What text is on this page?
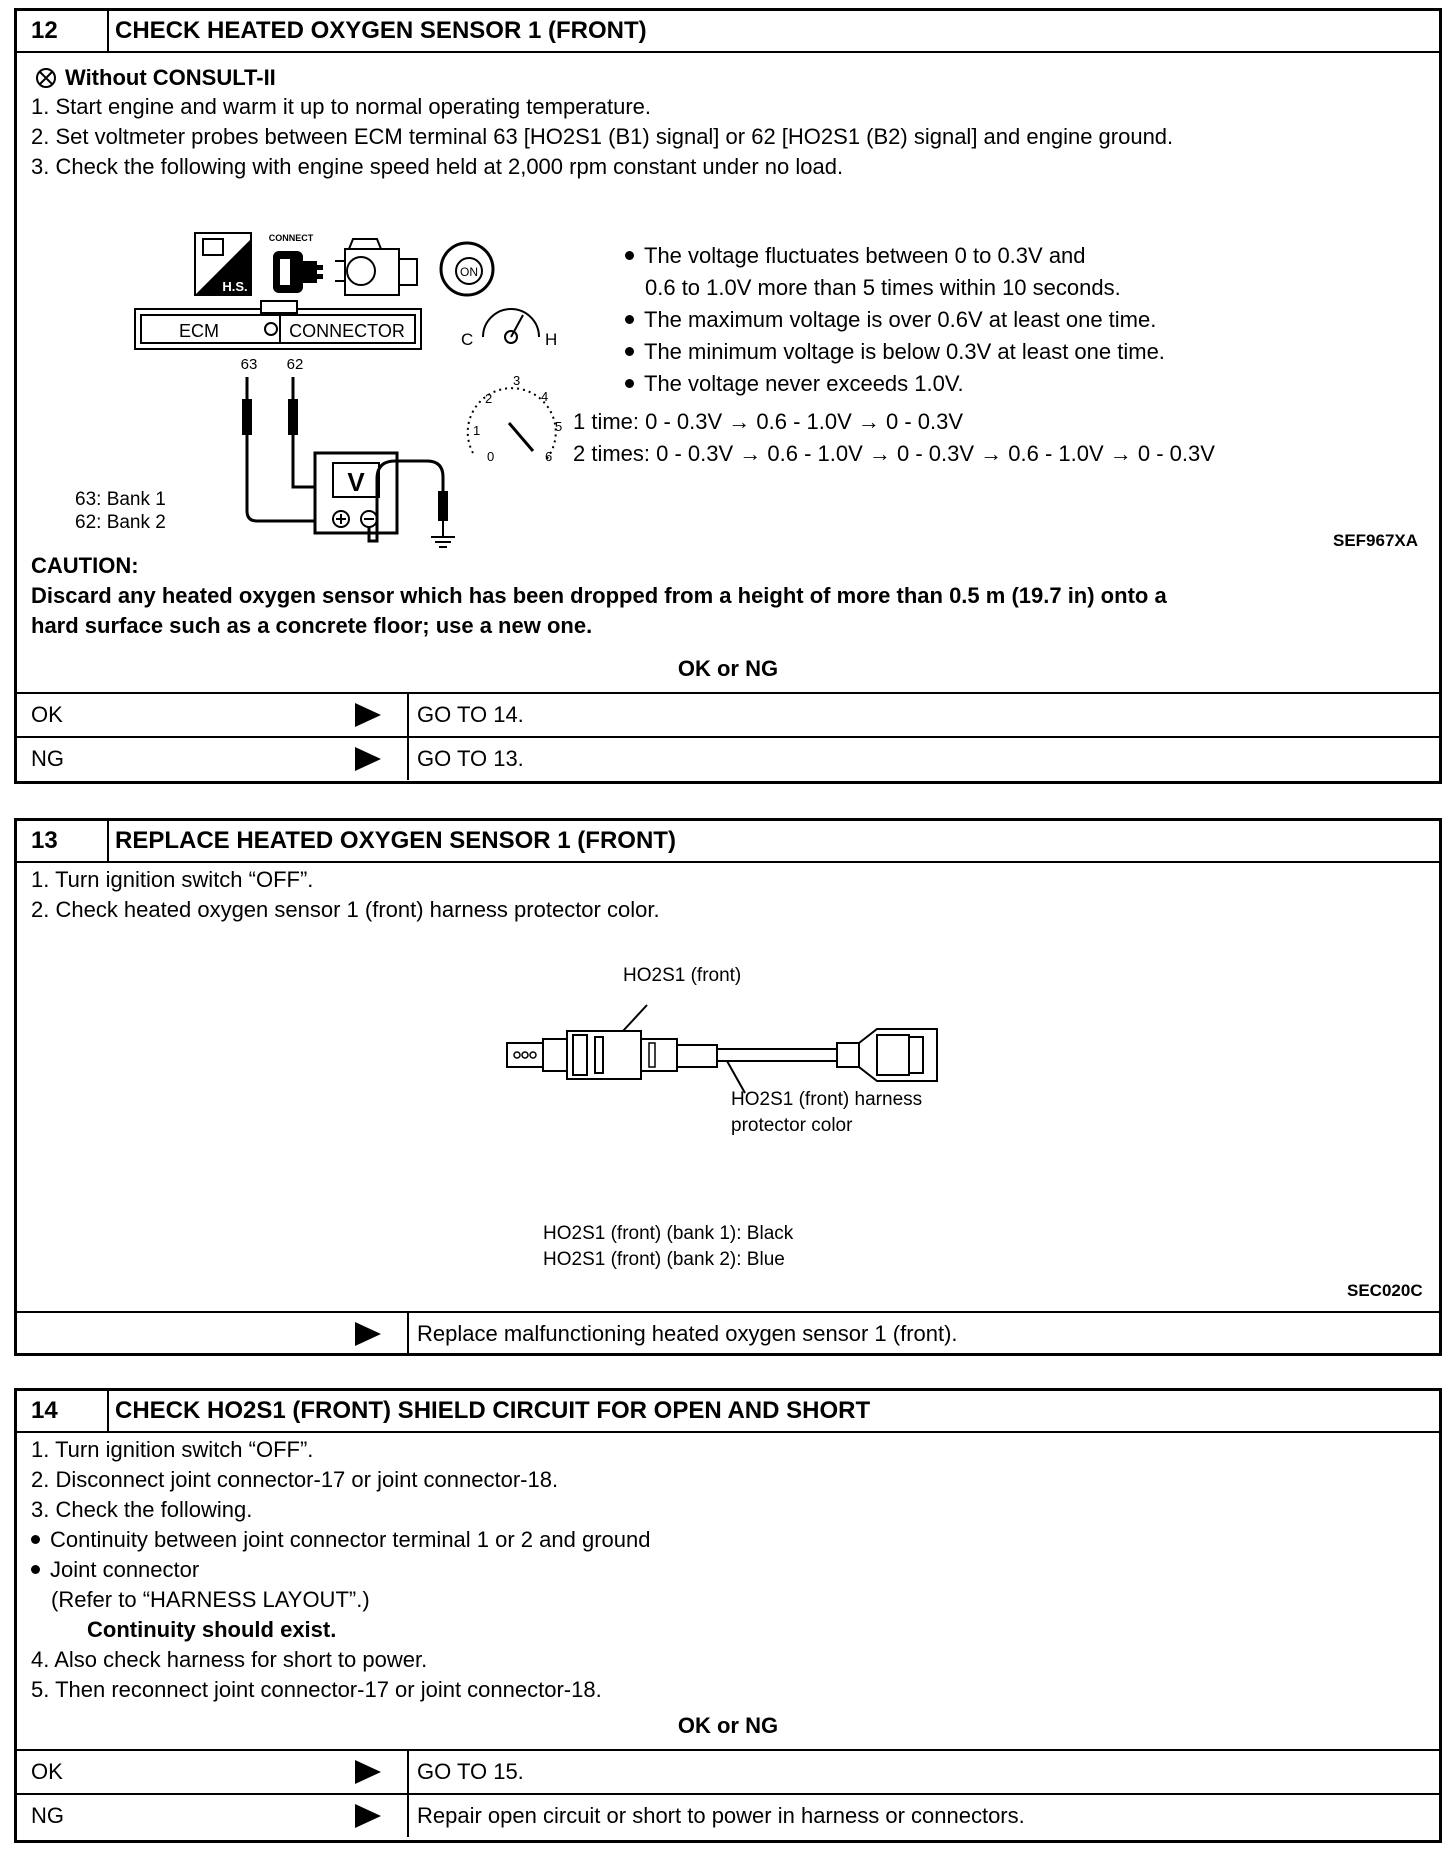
12	CHECK HEATED OXYGEN SENSOR 1 (FRONT)
Without CONSULT-II
1. Start engine and warm it up to normal operating temperature.
2. Set voltmeter probes between ECM terminal 63 [HO2S1 (B1) signal] or 62 [HO2S1 (B2) signal] and engine ground.
3. Check the following with engine speed held at 2,000 rpm constant under no load.
H.S.
CONNECT
ON
ECM	CONNECTOR
63 62
V
C	H
0
1
2
3
4
5
6
63: Bank 1
62: Bank 2
The voltage fluctuates between 0 to 0.3V and
0.6 to 1.0V more than 5 times within 10 seconds.
The maximum voltage is over 0.6V at least one time.
The minimum voltage is below 0.3V at least one time.
The voltage never exceeds 1.0V.
1 time: 0 - 0.3V → 0.6 - 1.0V → 0 - 0.3V
2 times: 0 - 0.3V → 0.6 - 1.0V → 0 - 0.3V → 0.6 - 1.0V → 0 - 0.3V
SEF967XA
CAUTION:
Discard any heated oxygen sensor which has been dropped from a height of more than 0.5 m (19.7 in) onto a
hard surface such as a concrete floor; use a new one.
OK or NG
OK	GO TO 14.
NG	GO TO 13.
13	REPLACE HEATED OXYGEN SENSOR 1 (FRONT)
1. Turn ignition switch “OFF”.
2. Check heated oxygen sensor 1 (front) harness protector color.
HO2S1 (front)
HO2S1 (front) harness
protector color
HO2S1 (front) (bank 1): Black
HO2S1 (front) (bank 2): Blue
SEC020C
Replace malfunctioning heated oxygen sensor 1 (front).
14	CHECK HO2S1 (FRONT) SHIELD CIRCUIT FOR OPEN AND SHORT
1. Turn ignition switch “OFF”.
2. Disconnect joint connector-17 or joint connector-18.
3. Check the following.
Continuity between joint connector terminal 1 or 2 and ground
Joint connector
(Refer to “HARNESS LAYOUT”.)
Continuity should exist.
4. Also check harness for short to power.
5. Then reconnect joint connector-17 or joint connector-18.
OK or NG
OK	GO TO 15.
NG	Repair open circuit or short to power in harness or connectors.
